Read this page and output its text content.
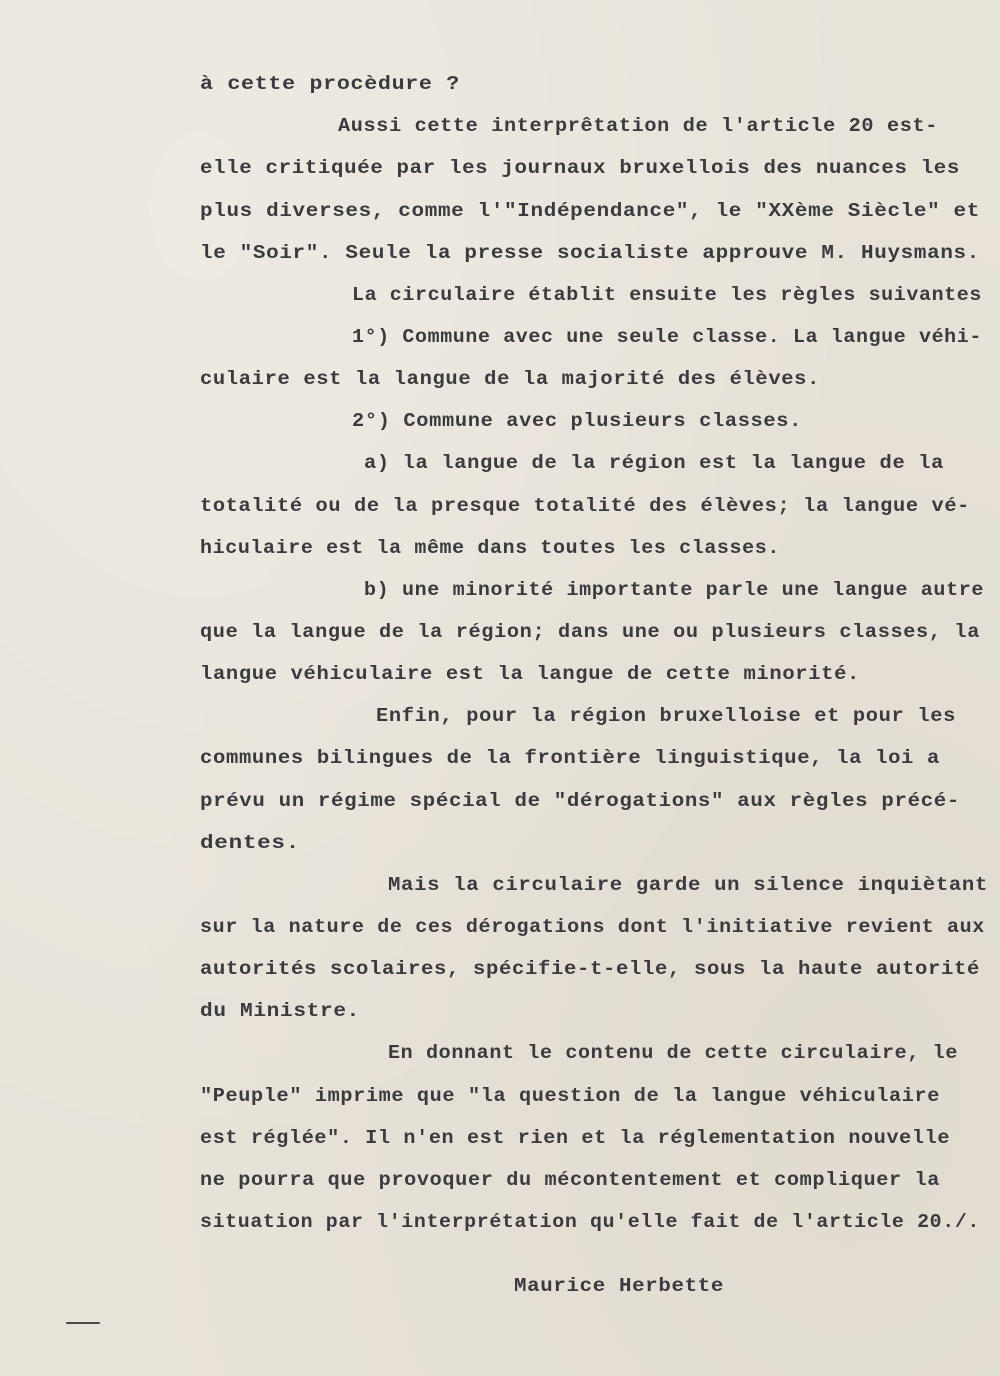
à cette procèdure ?
Aussi cette interprêtation de l'article 20 est-
elle critiquée par les journaux bruxellois des nuances les
plus diverses, comme l'"Indépendance", le "XXème Siècle" et
le "Soir". Seule la presse socialiste approuve M. Huysmans.
La circulaire établit ensuite les règles suivantes
1°) Commune avec une seule classe. La langue véhi-
culaire est la langue de la majorité des élèves.
2°) Commune avec plusieurs classes.
a) la langue de la région est la langue de la
totalité ou de la presque totalité des élèves; la langue vé-
hiculaire est la même dans toutes les classes.
b) une minorité importante parle une langue autre
que la langue de la région; dans une ou plusieurs classes, la
langue véhiculaire est la langue de cette minorité.
Enfin, pour la région bruxelloise et pour les
communes bilingues de la frontière linguistique, la loi a
prévu un régime spécial de "dérogations" aux règles précé-
dentes.
Mais la circulaire garde un silence inquiètant
sur la nature de ces dérogations dont l'initiative revient aux
autorités scolaires, spécifie-t-elle, sous la haute autorité
du Ministre.
En donnant le contenu de cette circulaire, le
"Peuple" imprime que "la question de la langue véhiculaire
est réglée". Il n'en est rien et la réglementation nouvelle
ne pourra que provoquer du mécontentement et compliquer la
situation par l'interprétation qu'elle fait de l'article 20./.
Maurice Herbette
